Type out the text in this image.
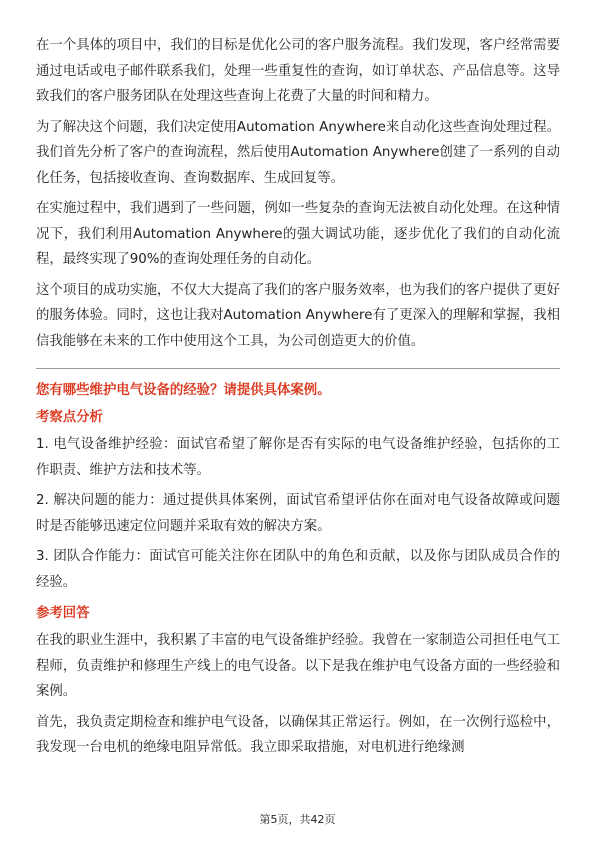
在一个具体的项目中，我们的目标是优化公司的客户服务流程。我们发现，客户经常需要通过电话或电子邮件联系我们，处理一些重复性的查询，如订单状态、产品信息等。这导致我们的客户服务团队在处理这些查询上花费了大量的时间和精力。

为了解决这个问题，我们决定使用Automation Anywhere来自动化这些查询处理过程。我们首先分析了客户的查询流程，然后使用Automation Anywhere创建了一系列的自动化任务，包括接收查询、查询数据库、生成回复等。

在实施过程中，我们遇到了一些问题，例如一些复杂的查询无法被自动化处理。在这种情况下，我们利用Automation Anywhere的强大调试功能，逐步优化了我们的自动化流程，最终实现了90%的查询处理任务的自动化。

这个项目的成功实施，不仅大大提高了我们的客户服务效率，也为我们的客户提供了更好的服务体验。同时，这也让我对Automation Anywhere有了更深入的理解和掌握，我相信我能够在未来的工作中使用这个工具，为公司创造更大的价值。

您有哪些维护电气设备的经验？请提供具体案例。

考察点分析

1. 电气设备维护经验：面试官希望了解你是否有实际的电气设备维护经验，包括你的工作职责、维护方法和技术等。

2. 解决问题的能力：通过提供具体案例，面试官希望评估你在面对电气设备故障或问题时是否能够迅速定位问题并采取有效的解决方案。

3. 团队合作能力：面试官可能关注你在团队中的角色和贡献，以及你与团队成员合作的经验。

参考回答

在我的职业生涯中，我积累了丰富的电气设备维护经验。我曾在一家制造公司担任电气工程师，负责维护和修理生产线上的电气设备。以下是我在维护电气设备方面的一些经验和案例。

首先，我负责定期检查和维护电气设备，以确保其正常运行。例如，在一次例行巡检中，我发现一台电机的绝缘电阻异常低。我立即采取措施，对电机进行绝缘测

第5页，共42页
